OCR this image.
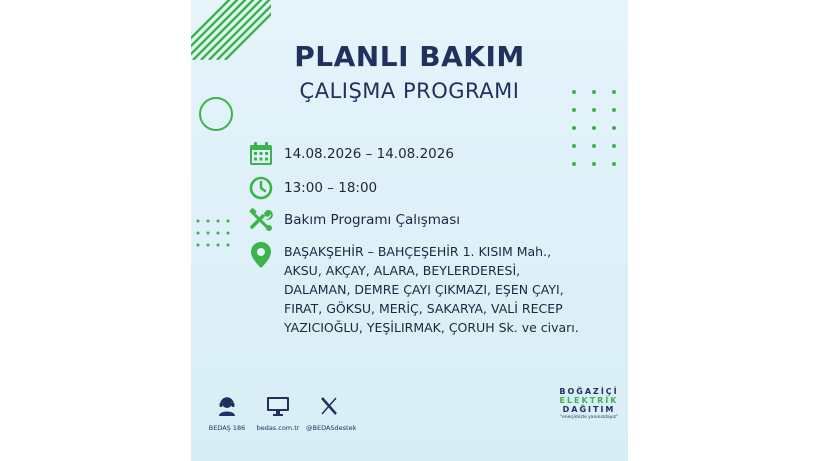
PLANLI BAKIM
ÇALIŞMA PROGRAMI
14.08.2026 – 14.08.2026
13:00 – 18:00
Bakım Programı Çalışması
BAŞAKŞEHİR – BAHÇEŞEHİR 1. KISIM Mah.,
AKSU, AKÇAY, ALARA, BEYLERDERESİ,
DALAMAN, DEMRE ÇAYI ÇIKMAZI, EŞEN ÇAYI,
FIRAT, GÖKSU, MERİÇ, SAKARYA, VALİ RECEP
YAZICIOĞLU, YEŞİLIRMAK, ÇORUH Sk. ve civarı.
BEDAŞ 186 bedas.com.tr @BEDASdestek
BOĞAZİÇİ
ELEKTRİK
DAĞITIM
"enerjimizle yanınızdayız"
